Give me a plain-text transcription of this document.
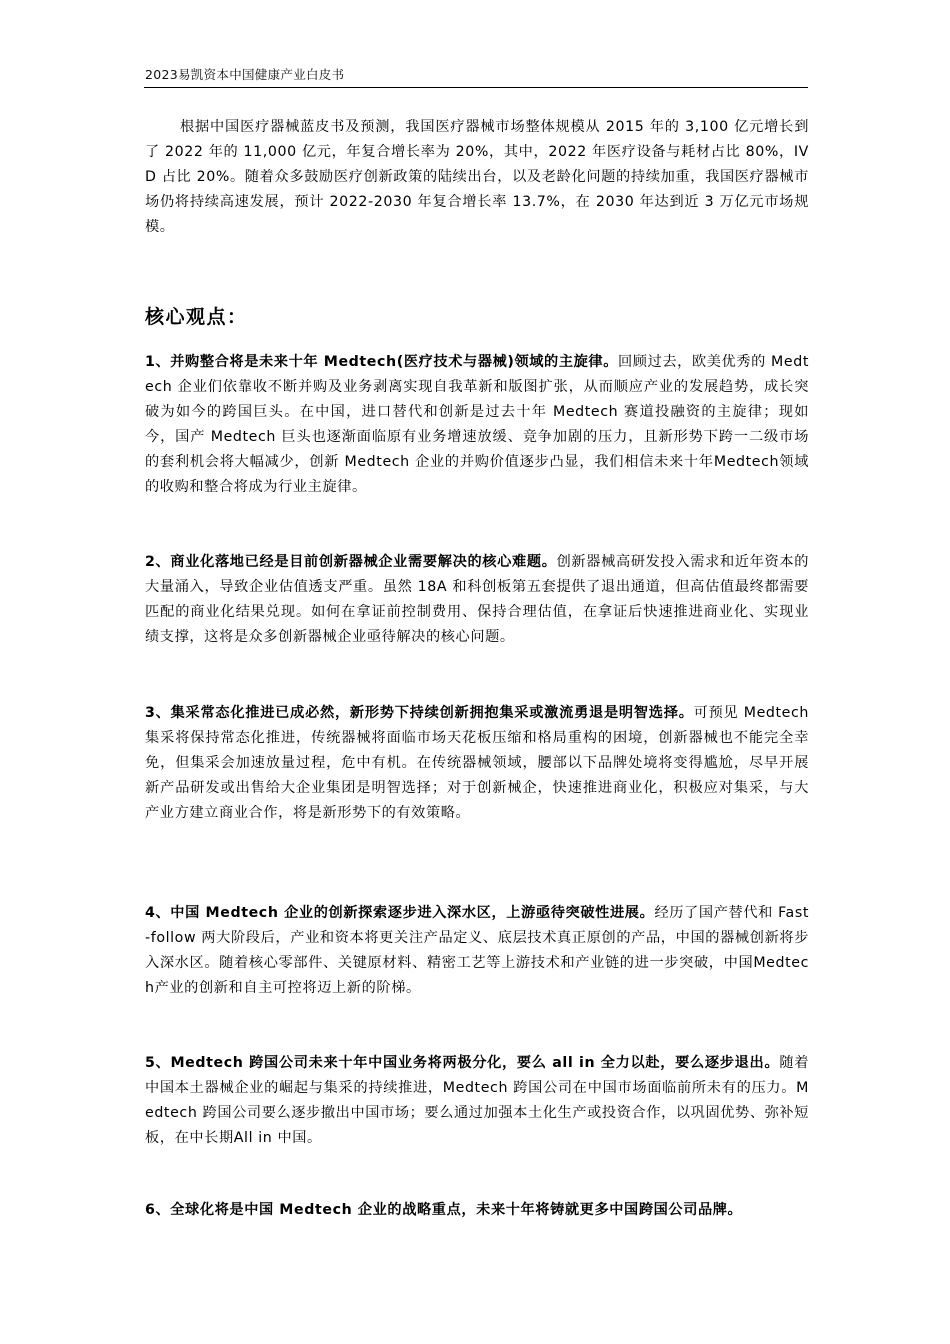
2023易凯资本中国健康产业白皮书

根据中国医疗器械蓝皮书及预测，我国医疗器械市场整体规模从 2015 年的 3,100 亿元增长到了 2022 年的 11,000 亿元，年复合增长率为 20%，其中，2022 年医疗设备与耗材占比 80%，IVD 占比 20%。随着众多鼓励医疗创新政策的陆续出台，以及老龄化问题的持续加重，我国医疗器械市场仍将持续高速发展，预计 2022-2030 年复合增长率 13.7%，在 2030 年达到近 3 万亿元市场规模。

核心观点：

1、并购整合将是未来十年 Medtech(医疗技术与器械)领域的主旋律。回顾过去，欧美优秀的 Medtech 企业们依靠收不断并购及业务剥离实现自我革新和版图扩张，从而顺应产业的发展趋势，成长突破为如今的跨国巨头。在中国，进口替代和创新是过去十年 Medtech 赛道投融资的主旋律；现如今，国产 Medtech 巨头也逐渐面临原有业务增速放缓、竞争加剧的压力，且新形势下跨一二级市场的套利机会将大幅减少，创新 Medtech 企业的并购价值逐步凸显，我们相信未来十年Medtech领域的收购和整合将成为行业主旋律。

2、商业化落地已经是目前创新器械企业需要解决的核心难题。创新器械高研发投入需求和近年资本的大量涌入，导致企业估值透支严重。虽然 18A 和科创板第五套提供了退出通道，但高估值最终都需要匹配的商业化结果兑现。如何在拿证前控制费用、保持合理估值，在拿证后快速推进商业化、实现业绩支撑，这将是众多创新器械企业亟待解决的核心问题。

3、集采常态化推进已成必然，新形势下持续创新拥抱集采或激流勇退是明智选择。可预见 Medtech 集采将保持常态化推进，传统器械将面临市场天花板压缩和格局重构的困境，创新器械也不能完全幸免，但集采会加速放量过程，危中有机。在传统器械领域，腰部以下品牌处境将变得尴尬，尽早开展新产品研发或出售给大企业集团是明智选择；对于创新械企，快速推进商业化，积极应对集采，与大产业方建立商业合作，将是新形势下的有效策略。

4、中国 Medtech 企业的创新探索逐步进入深水区，上游亟待突破性进展。经历了国产替代和 Fast-follow 两大阶段后，产业和资本将更关注产品定义、底层技术真正原创的产品，中国的器械创新将步入深水区。随着核心零部件、关键原材料、精密工艺等上游技术和产业链的进一步突破，中国Medtech产业的创新和自主可控将迈上新的阶梯。

5、Medtech 跨国公司未来十年中国业务将两极分化，要么 all in 全力以赴，要么逐步退出。随着中国本土器械企业的崛起与集采的持续推进，Medtech 跨国公司在中国市场面临前所未有的压力。Medtech 跨国公司要么逐步撤出中国市场；要么通过加强本土化生产或投资合作，以巩固优势、弥补短板，在中长期All in 中国。

6、全球化将是中国 Medtech 企业的战略重点，未来十年将铸就更多中国跨国公司品牌。
